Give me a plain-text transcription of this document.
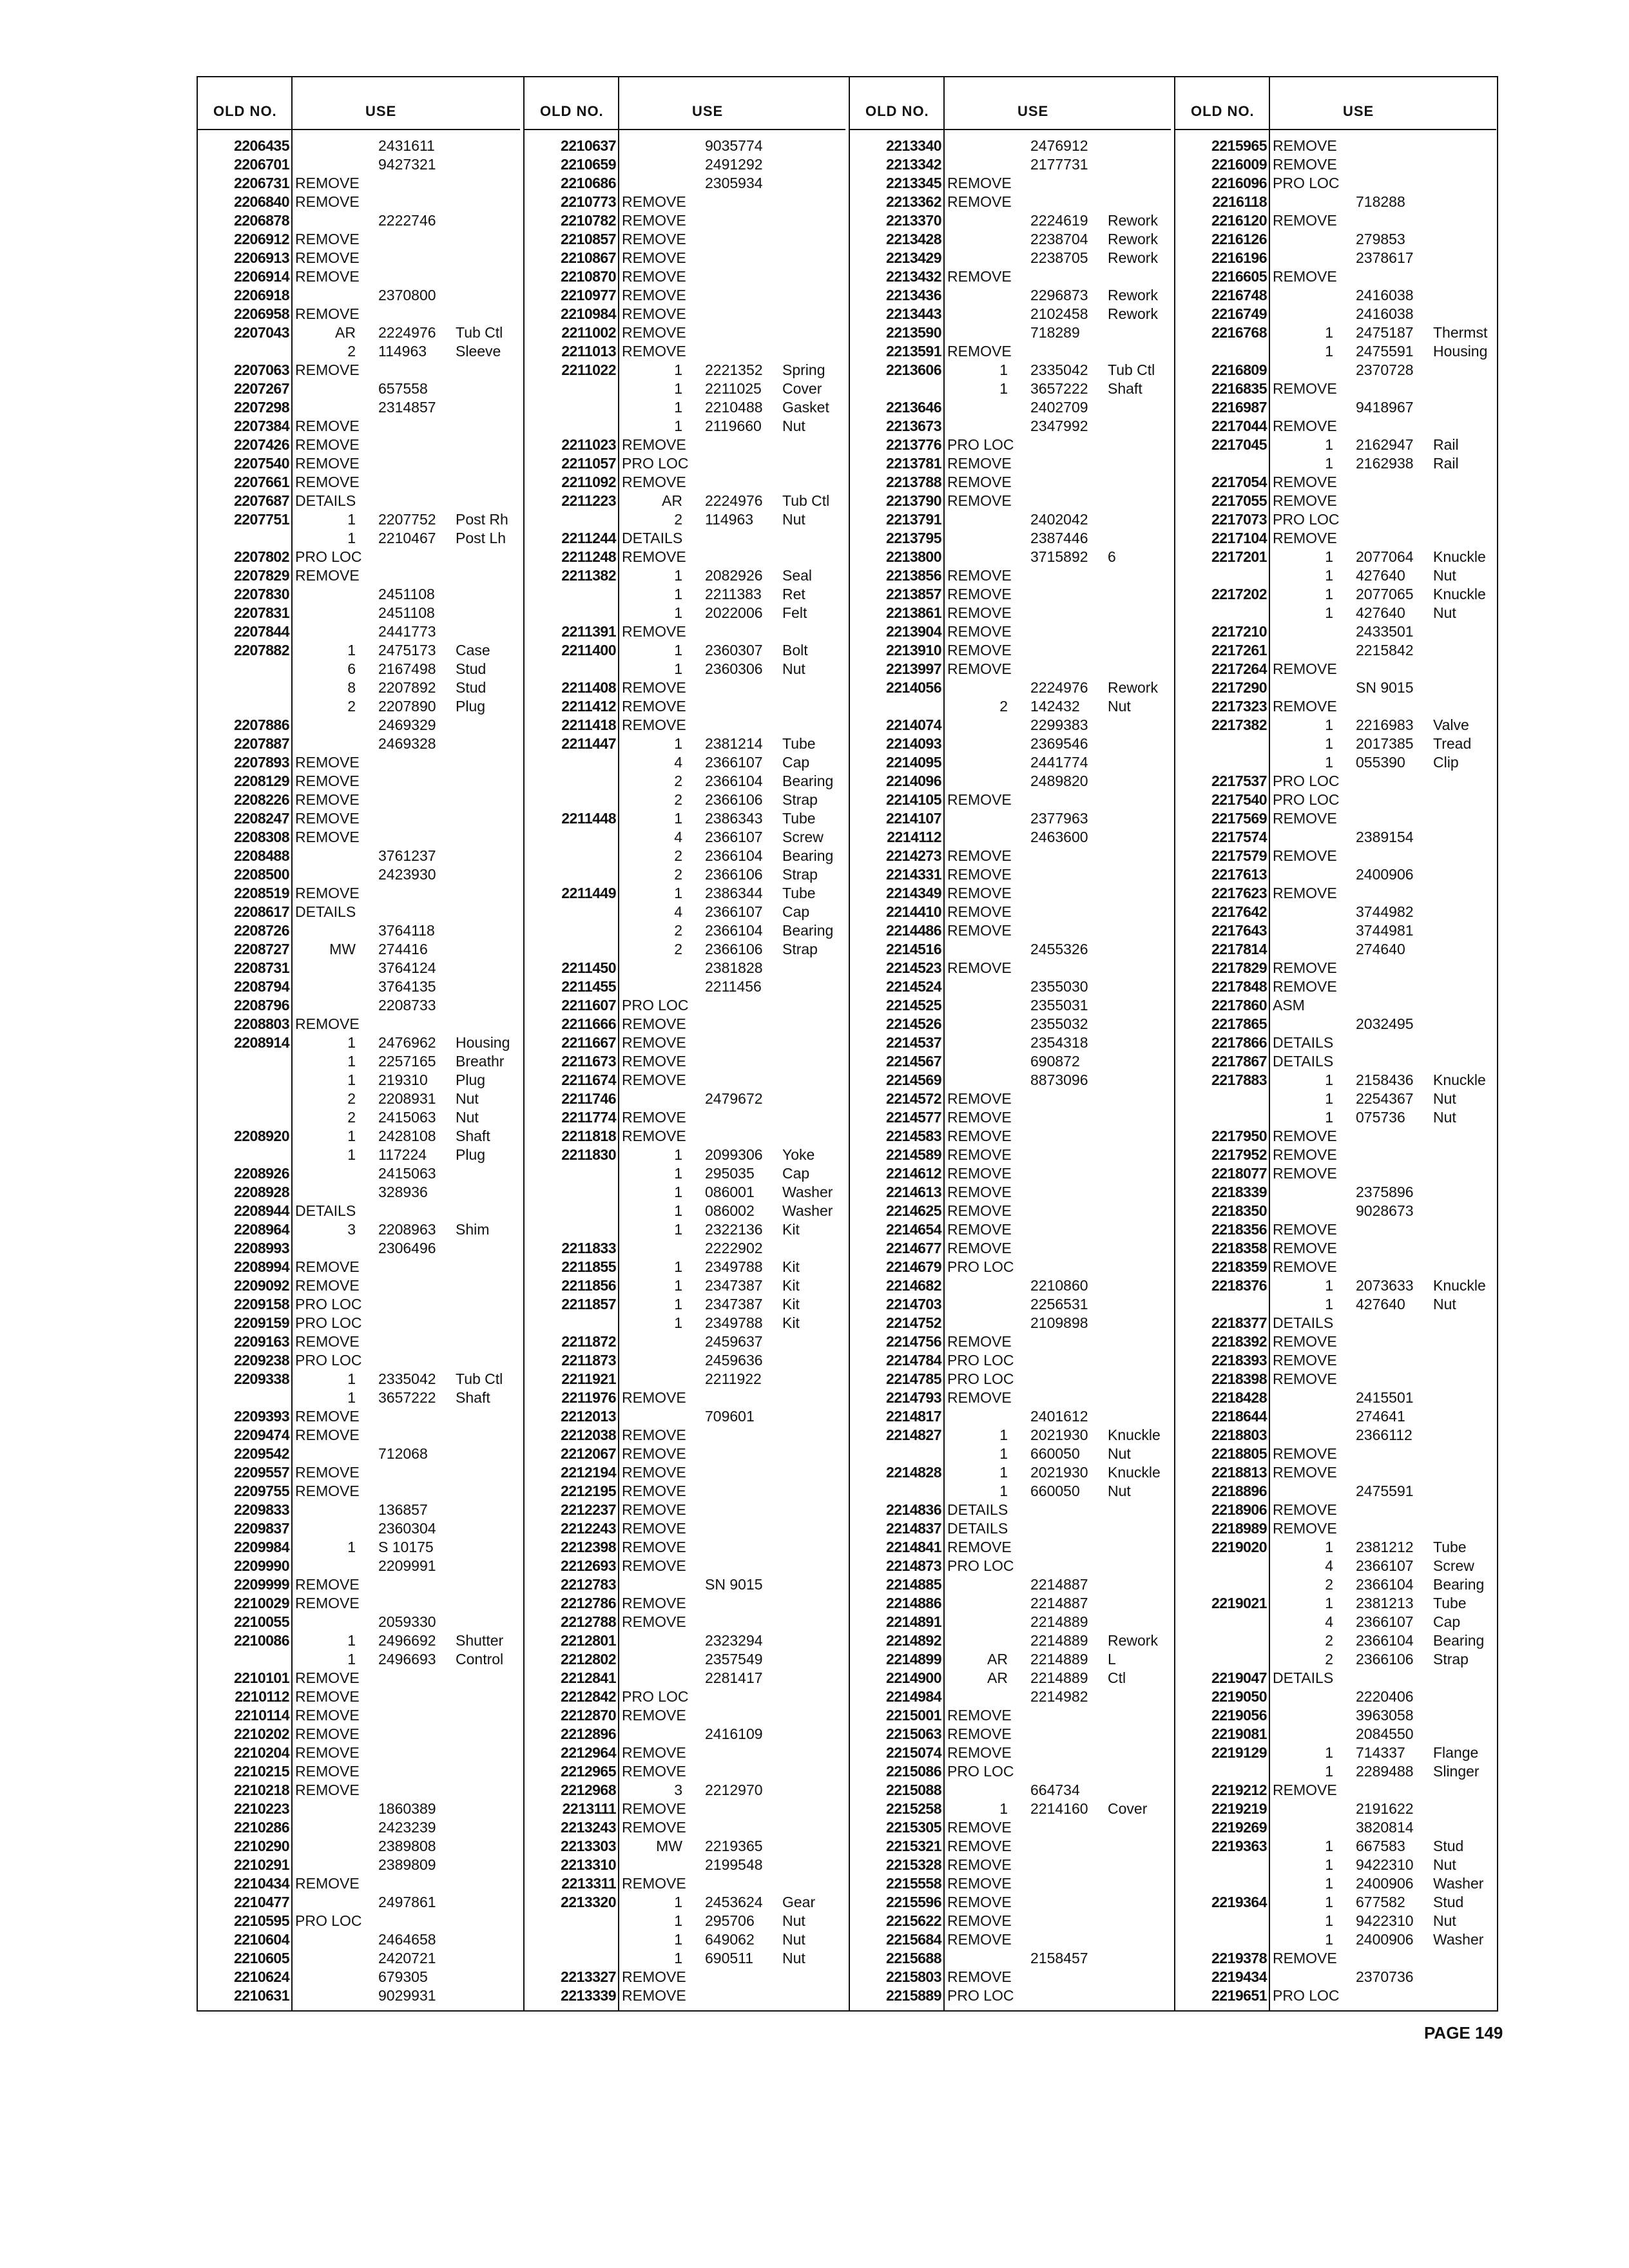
OLD NO.	USE
2206435	2431611
2206701	9427321
2206731 REMOVE
2206840 REMOVE
2206878	2222746
2206912 REMOVE
2206913 REMOVE
2206914 REMOVE
2206918	2370800
2206958 REMOVE
2207043	AR 2224976 Tub Ctl
2 114963 Sleeve
2207063 REMOVE
2207267	657558
2207298	2314857
2207384 REMOVE
2207426 REMOVE
2207540 REMOVE
2207661 REMOVE
2207687 DETAILS
2207751	1 2207752 Post Rh
1 2210467 Post Lh
2207802 PRO LOC
2207829 REMOVE
2207830	2451108
2207831	2451108
2207844	2441773
2207882	1 2475173 Case
6 2167498 Stud
8 2207892 Stud
2 2207890 Plug
2207886	2469329
2207887	2469328
2207893 REMOVE
2208129 REMOVE
2208226 REMOVE
2208247 REMOVE
2208308 REMOVE
2208488	3761237
2208500	2423930
2208519 REMOVE
2208617 DETAILS
2208726	3764118
2208727	MW 274416
2208731	3764124
2208794	3764135
2208796	2208733
2208803 REMOVE
2208914	1 2476962 Housing
1 2257165 Breathr
1 219310 Plug
2 2208931 Nut
2 2415063 Nut
2208920	1 2428108 Shaft
1 117224 Plug
2208926	2415063
2208928	328936
2208944 DETAILS
2208964	3 2208963 Shim
2208993	2306496
2208994 REMOVE
2209092 REMOVE
2209158 PRO LOC
2209159 PRO LOC
2209163 REMOVE
2209238 PRO LOC
2209338	1 2335042 Tub Ctl
1 3657222 Shaft
2209393 REMOVE
2209474 REMOVE
2209542	712068
2209557 REMOVE
2209755 REMOVE
2209833	136857
2209837	2360304
2209984	1 S 10175
2209990	2209991
2209999 REMOVE
2210029 REMOVE
2210055	2059330
2210086	1 2496692 Shutter
1 2496693 Control
2210101 REMOVE
2210112 REMOVE
2210114 REMOVE
2210202 REMOVE
2210204 REMOVE
2210215 REMOVE
2210218 REMOVE
2210223	1860389
2210286	2423239
2210290	2389808
2210291	2389809
2210434 REMOVE
2210477	2497861
2210595 PRO LOC
2210604	2464658
2210605	2420721
2210624	679305
2210631	9029931
OLD NO.	USE
2210637	9035774
2210659	2491292
2210686	2305934
2210773 REMOVE
2210782 REMOVE
2210857 REMOVE
2210867 REMOVE
2210870 REMOVE
2210977 REMOVE
2210984 REMOVE
2211002 REMOVE
2211013 REMOVE
2211022	1 2221352 Spring
1 2211025 Cover
1 2210488 Gasket
1 2119660 Nut
2211023 REMOVE
2211057 PRO LOC
2211092 REMOVE
2211223	AR 2224976 Tub Ctl
2 114963 Nut
2211244 DETAILS
2211248 REMOVE
2211382	1 2082926 Seal
1 2211383 Ret
1 2022006 Felt
2211391 REMOVE
2211400	1 2360307 Bolt
1 2360306 Nut
2211408 REMOVE
2211412 REMOVE
2211418 REMOVE
2211447	1 2381214 Tube
4 2366107 Cap
2 2366104 Bearing
2 2366106 Strap
2211448	1 2386343 Tube
4 2366107 Screw
2 2366104 Bearing
2 2366106 Strap
2211449	1 2386344 Tube
4 2366107 Cap
2 2366104 Bearing
2 2366106 Strap
2211450	2381828
2211455	2211456
2211607 PRO LOC
2211666 REMOVE
2211667 REMOVE
2211673 REMOVE
2211674 REMOVE
2211746	2479672
2211774 REMOVE
2211818 REMOVE
2211830	1 2099306 Yoke
1 295035 Cap
1 086001 Washer
1 086002 Washer
1 2322136 Kit
2211833	2222902
2211855	1 2349788 Kit
2211856	1 2347387 Kit
2211857	1 2347387 Kit
1 2349788 Kit
2211872	2459637
2211873	2459636
2211921	2211922
2211976 REMOVE
2212013	709601
2212038 REMOVE
2212067 REMOVE
2212194 REMOVE
2212195 REMOVE
2212237 REMOVE
2212243 REMOVE
2212398 REMOVE
2212693 REMOVE
2212783	SN 9015
2212786 REMOVE
2212788 REMOVE
2212801	2323294
2212802	2357549
2212841	2281417
2212842 PRO LOC
2212870 REMOVE
2212896	2416109
2212964 REMOVE
2212965 REMOVE
2212968	3 2212970
2213111 REMOVE
2213243 REMOVE
2213303	MW 2219365
2213310	2199548
2213311 REMOVE
2213320	1 2453624 Gear
1 295706 Nut
1 649062 Nut
1 690511 Nut
2213327 REMOVE
2213339 REMOVE
OLD NO.	USE
2213340	2476912
2213342	2177731
2213345 REMOVE
2213362 REMOVE
2213370	2224619 Rework
2213428	2238704 Rework
2213429	2238705 Rework
2213432 REMOVE
2213436	2296873 Rework
2213443	2102458 Rework
2213590	718289
2213591 REMOVE
2213606	1 2335042 Tub Ctl
1 3657222 Shaft
2213646	2402709
2213673	2347992
2213776 PRO LOC
2213781 REMOVE
2213788 REMOVE
2213790 REMOVE
2213791	2402042
2213795	2387446
2213800	3715892 6
2213856 REMOVE
2213857 REMOVE
2213861 REMOVE
2213904 REMOVE
2213910 REMOVE
2213997 REMOVE
2214056	2224976 Rework
2 142432 Nut
2214074	2299383
2214093	2369546
2214095	2441774
2214096	2489820
2214105 REMOVE
2214107	2377963
2214112	2463600
2214273 REMOVE
2214331 REMOVE
2214349 REMOVE
2214410 REMOVE
2214486 REMOVE
2214516	2455326
2214523 REMOVE
2214524	2355030
2214525	2355031
2214526	2355032
2214537	2354318
2214567	690872
2214569	8873096
2214572 REMOVE
2214577 REMOVE
2214583 REMOVE
2214589 REMOVE
2214612 REMOVE
2214613 REMOVE
2214625 REMOVE
2214654 REMOVE
2214677 REMOVE
2214679 PRO LOC
2214682	2210860
2214703	2256531
2214752	2109898
2214756 REMOVE
2214784 PRO LOC
2214785 PRO LOC
2214793 REMOVE
2214817	2401612
2214827	1 2021930 Knuckle
1 660050 Nut
2214828	1 2021930 Knuckle
1 660050 Nut
2214836 DETAILS
2214837 DETAILS
2214841 REMOVE
2214873 PRO LOC
2214885	2214887
2214886	2214887
2214891	2214889
2214892	2214889 Rework
2214899	AR 2214889 L
2214900	AR 2214889 Ctl
2214984	2214982
2215001 REMOVE
2215063 REMOVE
2215074 REMOVE
2215086 PRO LOC
2215088	664734
2215258	1 2214160 Cover
2215305 REMOVE
2215321 REMOVE
2215328 REMOVE
2215558 REMOVE
2215596 REMOVE
2215622 REMOVE
2215684 REMOVE
2215688	2158457
2215803 REMOVE
2215889 PRO LOC
OLD NO.	USE
2215965 REMOVE
2216009 REMOVE
2216096 PRO LOC
2216118	718288
2216120 REMOVE
2216126	279853
2216196	2378617
2216605 REMOVE
2216748	2416038
2216749	2416038
2216768	1 2475187 Thermst
1 2475591 Housing
2216809	2370728
2216835 REMOVE
2216987	9418967
2217044 REMOVE
2217045	1 2162947 Rail
1 2162938 Rail
2217054 REMOVE
2217055 REMOVE
2217073 PRO LOC
2217104 REMOVE
2217201	1 2077064 Knuckle
1 427640 Nut
2217202	1 2077065 Knuckle
1 427640 Nut
2217210	2433501
2217261	2215842
2217264 REMOVE
2217290	SN 9015
2217323 REMOVE
2217382	1 2216983 Valve
1 2017385 Tread
1 055390 Clip
2217537 PRO LOC
2217540 PRO LOC
2217569 REMOVE
2217574	2389154
2217579 REMOVE
2217613	2400906
2217623 REMOVE
2217642	3744982
2217643	3744981
2217814	274640
2217829 REMOVE
2217848 REMOVE
2217860 ASM
2217865	2032495
2217866 DETAILS
2217867 DETAILS
2217883	1 2158436 Knuckle
1 2254367 Nut
1 075736 Nut
2217950 REMOVE
2217952 REMOVE
2218077 REMOVE
2218339	2375896
2218350	9028673
2218356 REMOVE
2218358 REMOVE
2218359 REMOVE
2218376	1 2073633 Knuckle
1 427640 Nut
2218377 DETAILS
2218392 REMOVE
2218393 REMOVE
2218398 REMOVE
2218428	2415501
2218644	274641
2218803	2366112
2218805 REMOVE
2218813 REMOVE
2218896	2475591
2218906 REMOVE
2218989 REMOVE
2219020	1 2381212 Tube
4 2366107 Screw
2 2366104 Bearing
2219021	1 2381213 Tube
4 2366107 Cap
2 2366104 Bearing
2 2366106 Strap
2219047 DETAILS
2219050	2220406
2219056	3963058
2219081	2084550
2219129	1 714337 Flange
1 2289488 Slinger
2219212 REMOVE
2219219	2191622
2219269	3820814
2219363	1 667583 Stud
1 9422310 Nut
1 2400906 Washer
2219364	1 677582 Stud
1 9422310 Nut
1 2400906 Washer
2219378 REMOVE
2219434	2370736
2219651 PRO LOC
PAGE 149
